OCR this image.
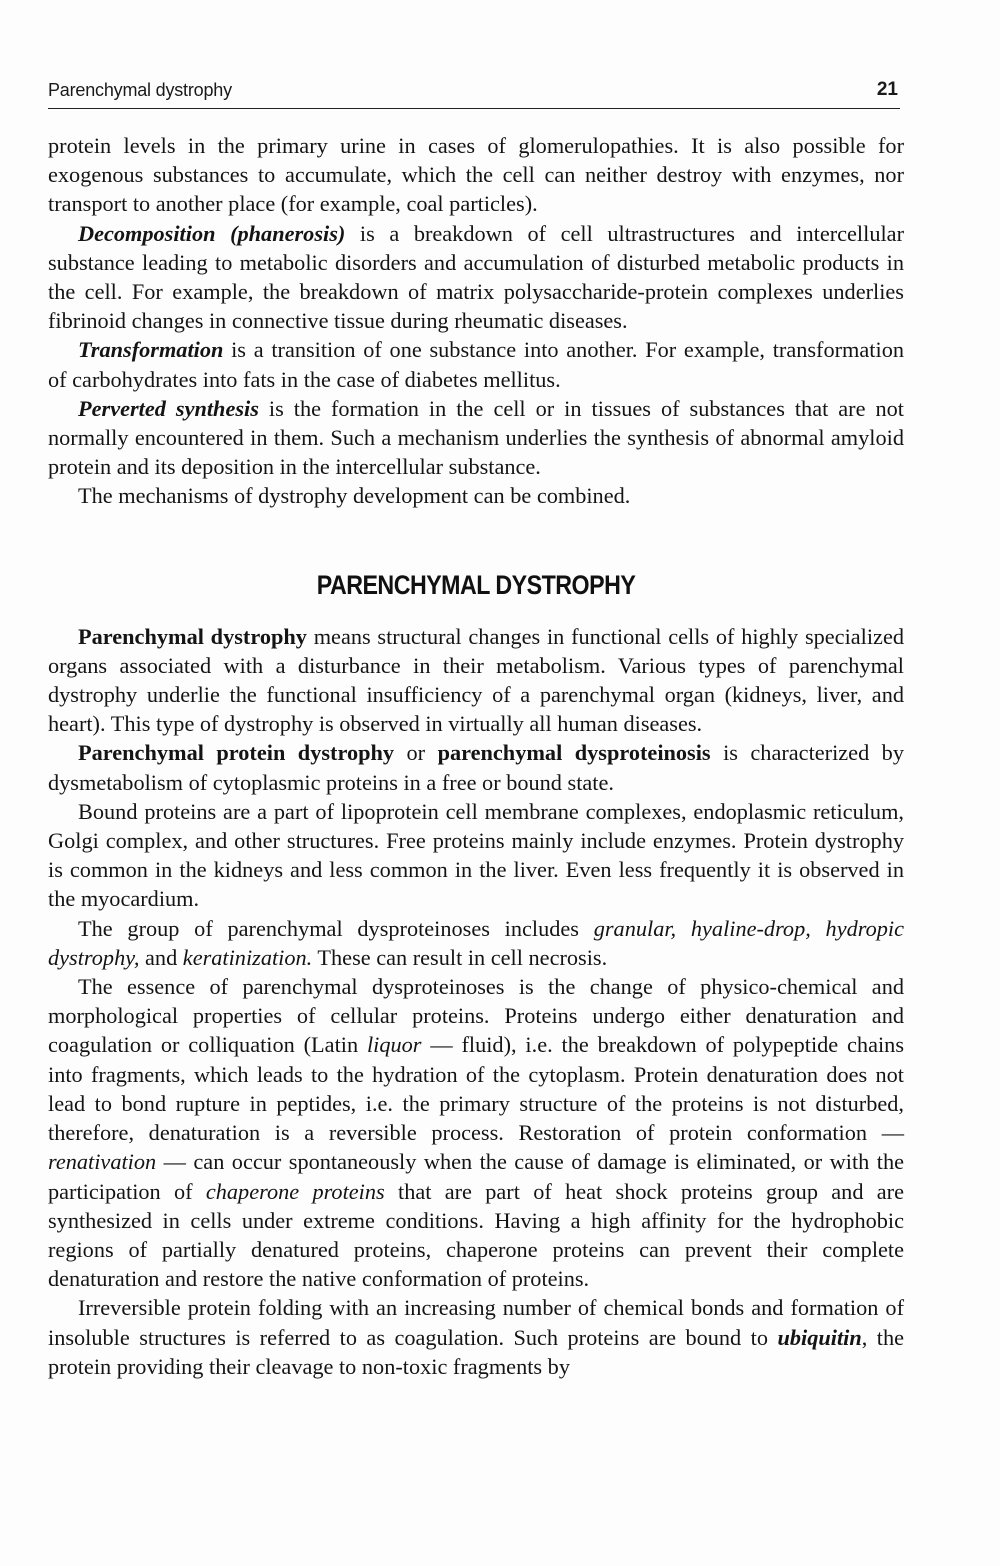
Parenchymal dystrophy	21

protein levels in the primary urine in cases of glomerulopathies. It is also possible for exogenous substances to accumulate, which the cell can neither destroy with enzymes, nor transport to another place (for example, coal particles).

Decomposition (phanerosis) is a breakdown of cell ultrastructures and intercellular substance leading to metabolic disorders and accumulation of disturbed metabolic products in the cell. For example, the breakdown of matrix polysaccharide-protein complexes underlies fibrinoid changes in connective tissue during rheumatic diseases.

Transformation is a transition of one substance into another. For example, transformation of carbohydrates into fats in the case of diabetes mellitus.

Perverted synthesis is the formation in the cell or in tissues of substances that are not normally encountered in them. Such a mechanism underlies the synthesis of abnormal amyloid protein and its deposition in the intercellular substance.

The mechanisms of dystrophy development can be combined.

PARENCHYMAL DYSTROPHY

Parenchymal dystrophy means structural changes in functional cells of highly specialized organs associated with a disturbance in their metabolism. Various types of parenchymal dystrophy underlie the functional insufficiency of a parenchymal organ (kidneys, liver, and heart). This type of dystrophy is observed in virtually all human diseases.

Parenchymal protein dystrophy or parenchymal dysproteinosis is characterized by dysmetabolism of cytoplasmic proteins in a free or bound state.

Bound proteins are a part of lipoprotein cell membrane complexes, endoplasmic reticulum, Golgi complex, and other structures. Free proteins mainly include enzymes. Protein dystrophy is common in the kidneys and less common in the liver. Even less frequently it is observed in the myocardium.

The group of parenchymal dysproteinoses includes granular, hyaline-drop, hydropic dystrophy, and keratinization. These can result in cell necrosis.

The essence of parenchymal dysproteinoses is the change of physico-chemical and morphological properties of cellular proteins. Proteins undergo either denaturation and coagulation or colliquation (Latin liquor — fluid), i.e. the breakdown of polypeptide chains into fragments, which leads to the hydration of the cytoplasm. Protein denaturation does not lead to bond rupture in peptides, i.e. the primary structure of the proteins is not disturbed, therefore, denaturation is a reversible process. Restoration of protein conformation — renativation — can occur spontaneously when the cause of damage is eliminated, or with the participation of chaperone proteins that are part of heat shock proteins group and are synthesized in cells under extreme conditions. Having a high affinity for the hydrophobic regions of partially denatured proteins, chaperone proteins can prevent their complete denaturation and restore the native conformation of proteins.

Irreversible protein folding with an increasing number of chemical bonds and formation of insoluble structures is referred to as coagulation. Such proteins are bound to ubiquitin, the protein providing their cleavage to non-toxic fragments by
